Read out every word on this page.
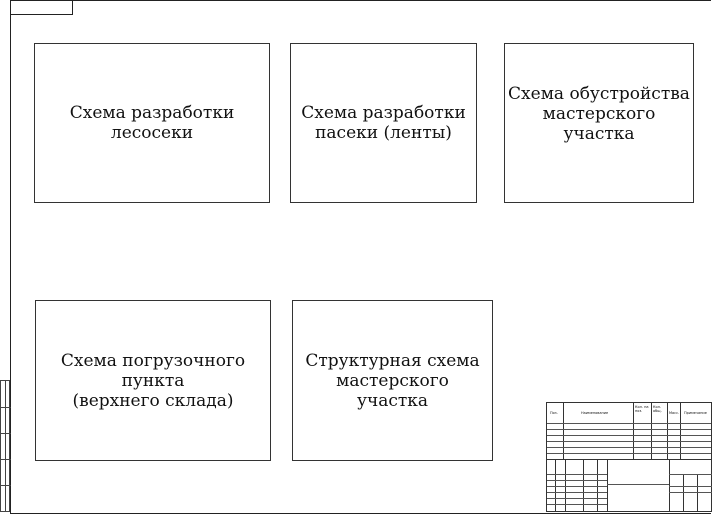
Схема разработки
лесосеки
Схема разработки
пасеки (ленты)
Схема обустройства
мастерского
участка
Схема погрузочного
пункта
(верхнего склада)
Структурная схема
мастерского
участка
Поз.	Наименование
Кол. на поз.
Кол. общ.	Масс. Примечание
